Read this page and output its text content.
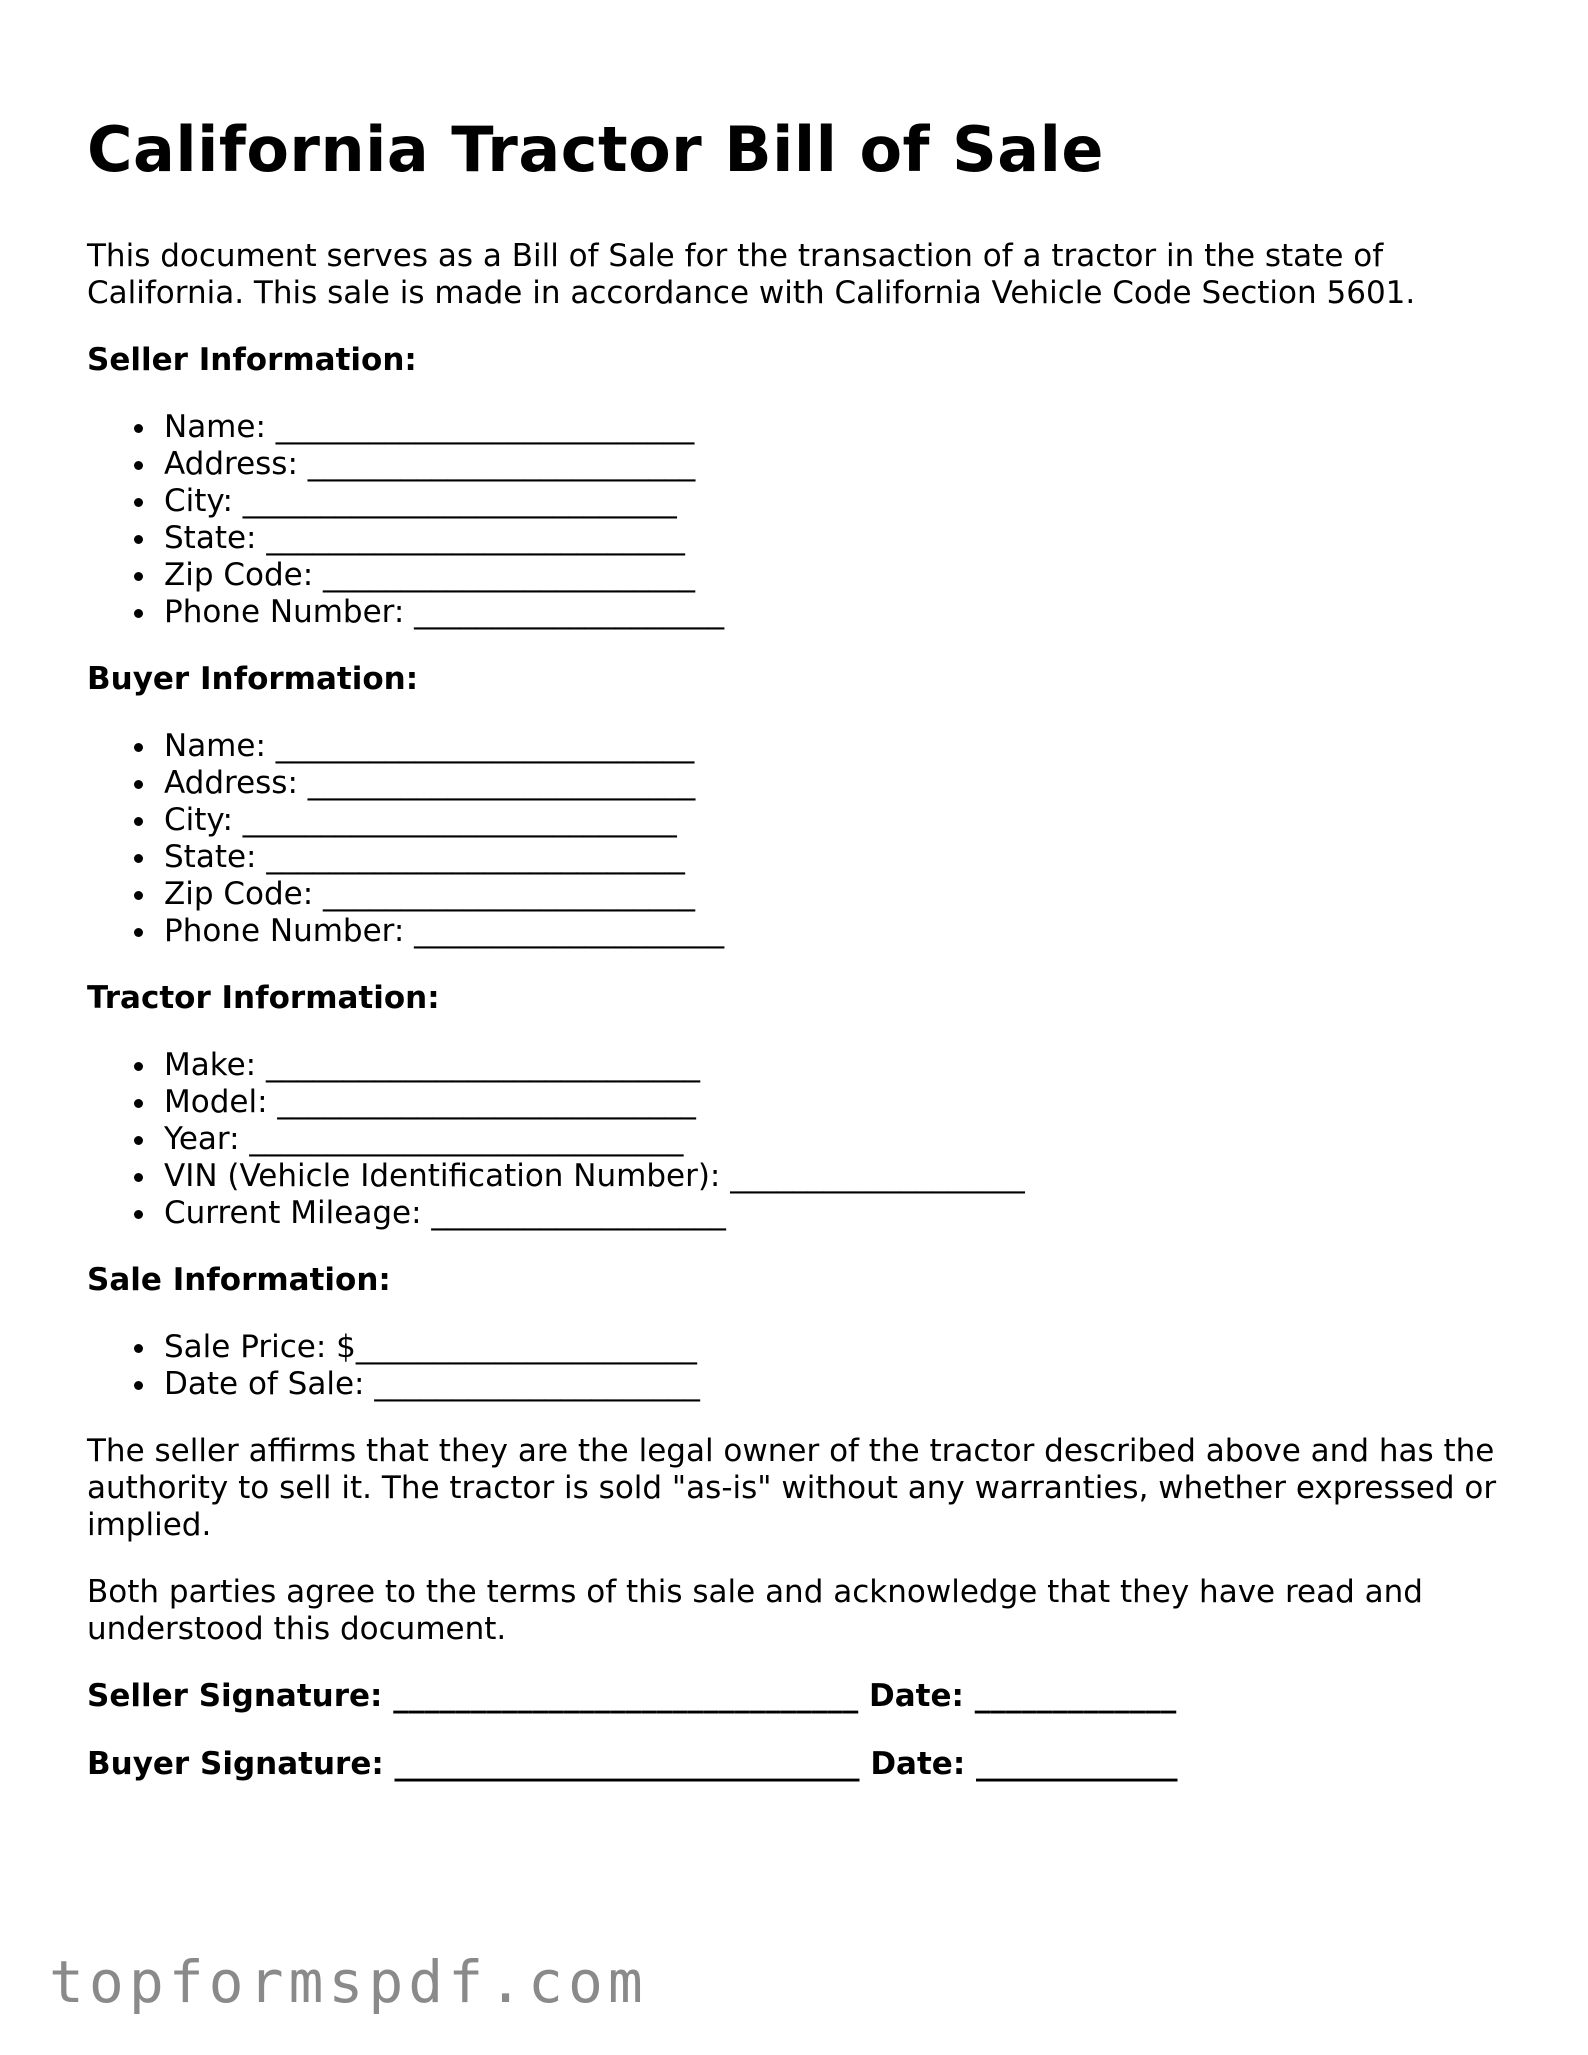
California Tractor Bill of Sale

This document serves as a Bill of Sale for the transaction of a tractor in the state of California. This sale is made in accordance with California Vehicle Code Section 5601.

Seller Information:
Name: ___________________________
Address: _________________________
City: ____________________________
State: ___________________________
Zip Code: ________________________
Phone Number: ____________________
Buyer Information:
Name: ___________________________
Address: _________________________
City: ____________________________
State: ___________________________
Zip Code: ________________________
Phone Number: ____________________
Tractor Information:
Make: ____________________________
Model: ___________________________
Year: ____________________________
VIN (Vehicle Identification Number): ___________________
Current Mileage: ___________________
Sale Information:
Sale Price: $______________________
Date of Sale: _____________________

The seller affirms that they are the legal owner of the tractor described above and has the authority to sell it. The tractor is sold "as-is" without any warranties, whether expressed or implied.

Both parties agree to the terms of this sale and acknowledge that they have read and understood this document.

Seller Signature: ______________________________ Date: _____________
Buyer Signature: ______________________________ Date: _____________
topformspdf.com
